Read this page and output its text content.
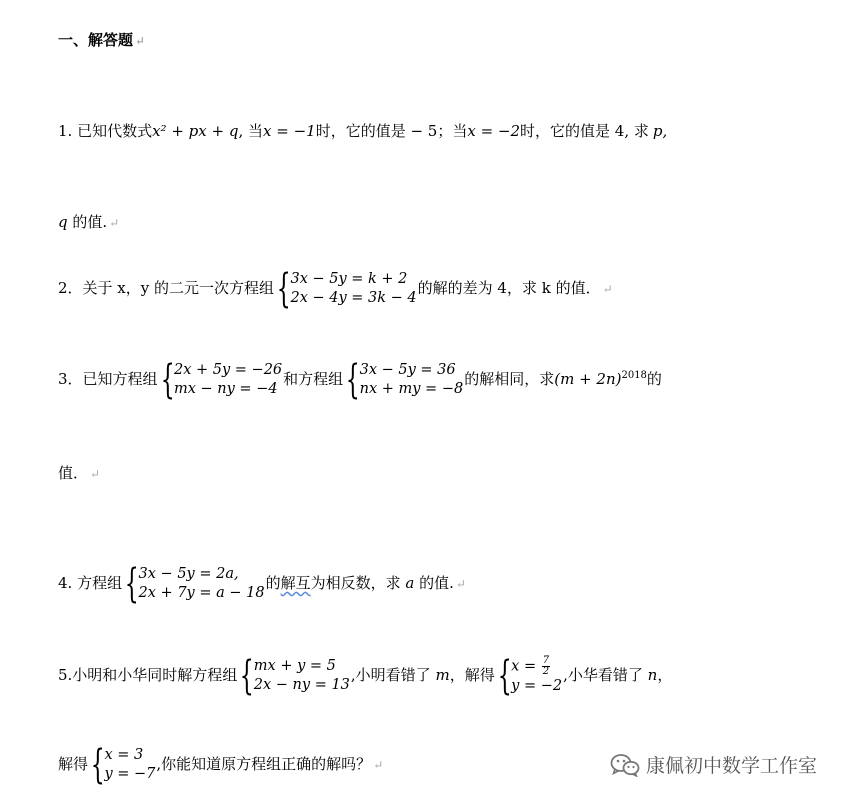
一、解答题 ↵
1. 已知代数式x² + px + q, 当x = −1时，它的值是 − 5；当x = −2时，它的值是 4, 求 p,
q 的值. ↵
2．关于 x，y 的二元一次方程组 { 3x − 5y = k + 2
2x − 4y = 3k − 4
的解的差为 4，求 k 的值． ↵
3．已知方程组 { 2x + 5y = −26
mx − ny = −4
和方程组 { 3x − 5y = 36
nx + my = −8
的解相同，求$(m + 2n)^{2018}$的
值． ↵
4. 方程组 { 3x − 5y = 2a,
2x + 7y = a − 18
的解互为相反数，求 a 的值. ↵
5.小明和小华同时解方程组 { mx + y = 5
2x − ny = 13
,小明看错了 m，解得 { $x = \frac{7}{2}$
y = −2
,小华看错了 n，
解得 { x = 3
y = −7
,你能知道原方程组正确的解吗？ ↵	康佩初中数学工作室
